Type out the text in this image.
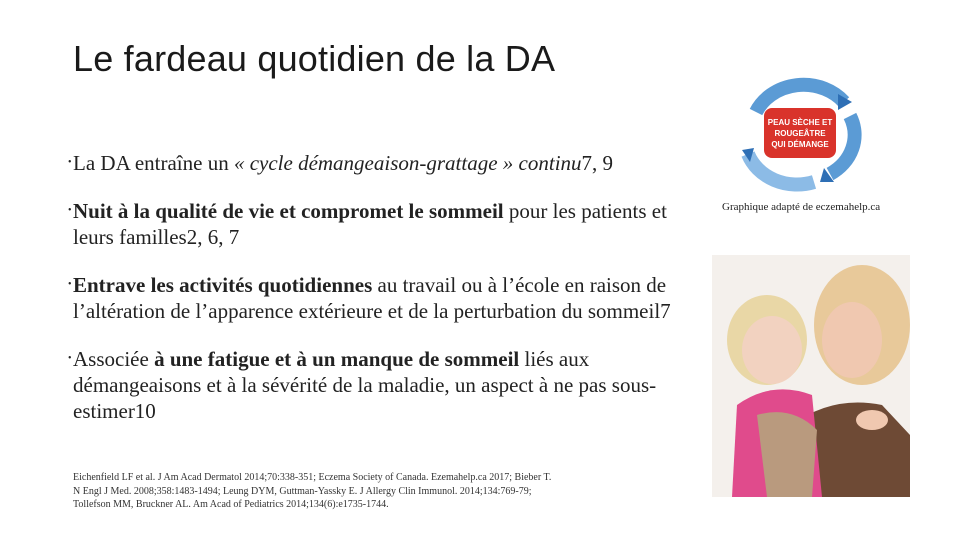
Le fardeau quotidien de la DA
• La DA entraîne un « cycle démangeaison-grattage » continu7, 9
• Nuit à la qualité de vie et compromet le sommeil pour les patients et leurs familles2, 6, 7
• Entrave les activités quotidiennes au travail ou à l’école en raison de l’altération de l’apparence extérieure et de la perturbation du sommeil7
• Associée à une fatigue et à un manque de sommeil liés aux démangeaisons et à la sévérité de la maladie, un aspect à ne pas sous-estimer10
Eichenfield LF et al. J Am Acad Dermatol 2014;70:338-351; Eczema Society of Canada. Ezemahelp.ca 2017; Bieber T.
N Engl J Med. 2008;358:1483-1494; Leung DYM, Guttman-Yassky E. J Allergy Clin Immunol. 2014;134:769-79;
Tollefson MM, Bruckner AL. Am Acad of Pediatrics 2014;134(6):e1735-1744.
PEAU SÈCHE ET
ROUGEÂTRE
QUI DÉMANGE
Graphique adapté de eczemahelp.ca
